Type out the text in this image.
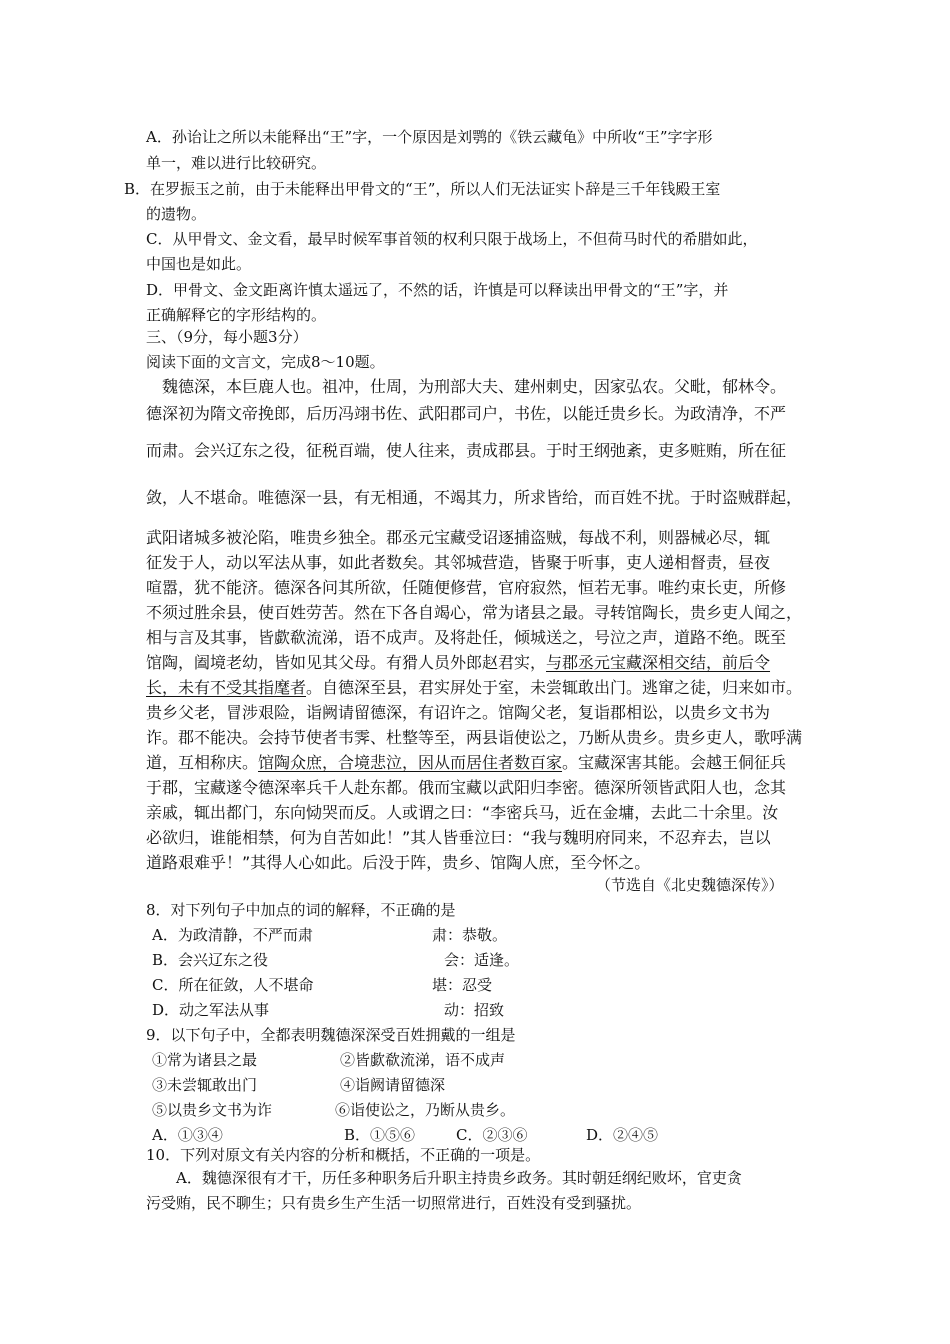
A．孙诒让之所以未能释出“王”字，一个原因是刘鹗的《铁云藏龟》中所收“王”字字形
单一，难以进行比较研究。
B．在罗振玉之前，由于未能释出甲骨文的“王”，所以人们无法证实卜辞是三千年钱殿王室
的遗物。
C．从甲骨文、金文看，最早时候军事首领的权利只限于战场上，不但荷马时代的希腊如此，
中国也是如此。
D．甲骨文、金文距离许慎太遥远了，不然的话，许慎是可以释读出甲骨文的“王”字，并
正确解释它的字形结构的。
三、（9分，每小题3分）
阅读下面的文言文，完成8～10题。
魏德深，本巨鹿人也。祖冲，仕周，为刑部大夫、建州刺史，因家弘农。父毗，郁林令。
德深初为隋文帝挽郎，后历冯翊书佐、武阳郡司户，书佐，以能迁贵乡长。为政清净，不严
而肃。会兴辽东之役，征税百端，使人往来，责成郡县。于时王纲弛紊，吏多赃贿，所在征
敛，人不堪命。唯德深一县，有无相通，不竭其力，所求皆给，而百姓不扰。于时盗贼群起，
武阳诸城多被沦陷，唯贵乡独全。郡丞元宝藏受诏逐捕盗贼，每战不利，则器械必尽，辄
征发于人，动以军法从事，如此者数矣。其邻城营造，皆聚于听事，吏人递相督责，昼夜
喧嚣，犹不能济。德深各问其所欲，任随便修营，官府寂然，恒若无事。唯约束长吏，所修
不须过胜余县，使百姓劳苦。然在下各自竭心，常为诸县之最。寻转馆陶长，贵乡吏人闻之，
相与言及其事，皆歔欷流涕，语不成声。及将赴任，倾城送之，号泣之声，道路不绝。既至
馆陶，阖境老幼，皆如见其父母。有猾人员外郎赵君实，与郡丞元宝藏深相交结，前后令
长，未有不受其指麾者。自德深至县，君实屏处于室，未尝辄敢出门。逃窜之徒，归来如市。
贵乡父老，冒涉艰险，诣阙请留德深，有诏许之。馆陶父老，复诣郡相讼，以贵乡文书为
诈。郡不能决。会持节使者韦霁、杜整等至，两县诣使讼之，乃断从贵乡。贵乡吏人，歌呼满
道，互相称庆。馆陶众庶，合境悲泣，因从而居住者数百家。宝藏深害其能。会越王侗征兵
于郡，宝藏遂令德深率兵千人赴东都。俄而宝藏以武阳归李密。德深所领皆武阳人也，念其
亲戚，辄出都门，东向恸哭而反。人或谓之曰：“李密兵马，近在金墉，去此二十余里。汝
必欲归，谁能相禁，何为自苦如此！”其人皆垂泣曰：“我与魏明府同来，不忍弃去，岂以
道路艰难乎！”其得人心如此。后没于阵，贵乡、馆陶人庶，至今怀之。
（节选自《北史魏德深传》）
8．对下列句子中加点的词的解释，不正确的是
A．为政清静，不严而肃	肃：恭敬。
B．会兴辽东之役	会：适逢。
C．所在征敛，人不堪命	堪：忍受
D．动之军法从事	动：招致
9．以下句子中，全都表明魏德深深受百姓拥戴的一组是
①常为诸县之最	②皆歔欷流涕，语不成声
③未尝辄敢出门	④诣阙请留德深
⑤以贵乡文书为诈	⑥诣使讼之，乃断从贵乡。
A．①③④	B．①⑤⑥	C．②③⑥	D．②④⑤
10．下列对原文有关内容的分析和概括，不正确的一项是。
A．魏德深很有才干，历任多种职务后升职主持贵乡政务。其时朝廷纲纪败坏，官吏贪
污受贿，民不聊生；只有贵乡生产生活一切照常进行，百姓没有受到骚扰。
